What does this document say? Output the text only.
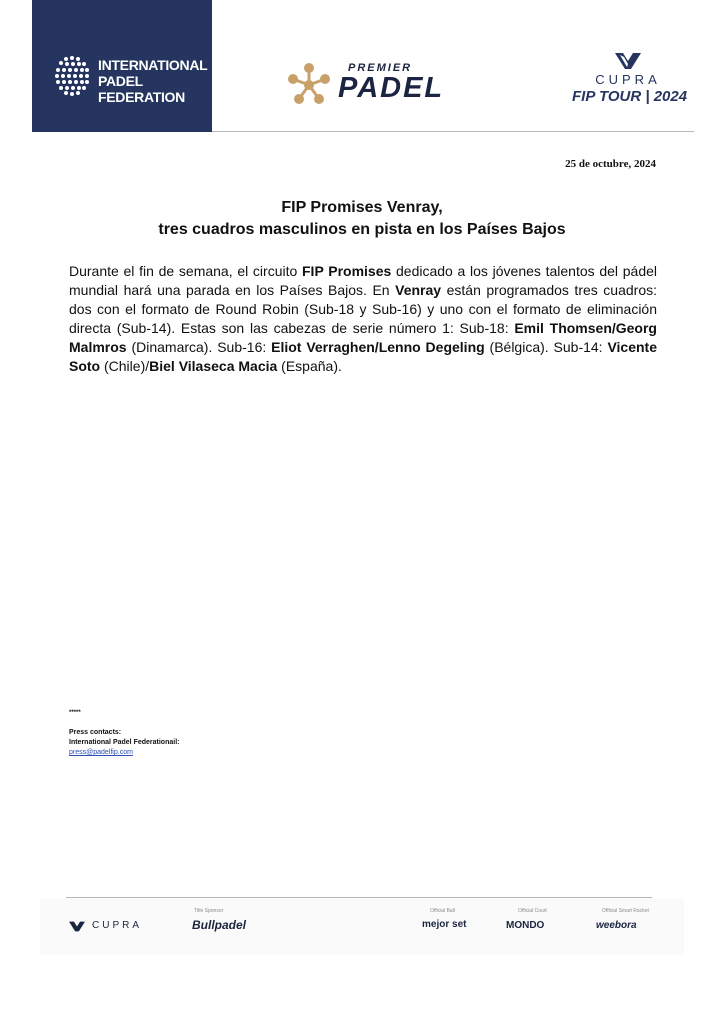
INTERNATIONAL
PADEL
FEDERATION
PREMIER
PADEL	CUPRA
FIP TOUR | 2024
25 de octubre, 2024
FIP Promises Venray,
tres cuadros masculinos en pista en los Países Bajos
Durante el fin de semana, el circuito FIP Promises dedicado a los jóvenes talentos del pádel mundial hará una parada en los Países Bajos. En Venray están programados tres cuadros: dos con el formato de Round Robin (Sub-18 y Sub-16) y uno con el formato de eliminación directa (Sub-14). Estas son las cabezas de serie número 1: Sub-18: Emil Thomsen/Georg Malmros (Dinamarca). Sub-16: Eliot Verraghen/Lenno Degeling (Bélgica). Sub-14: Vicente Soto (Chile)/Biel Vilaseca Macia (España).
*****
Press contacts:
International Padel Federationail:
press@padelfip.com
Title Sponsor	Official Ball	Official Court	Official Smart Racket
CUPRA	Bullpadel	mejor set	MONDO	weebora
